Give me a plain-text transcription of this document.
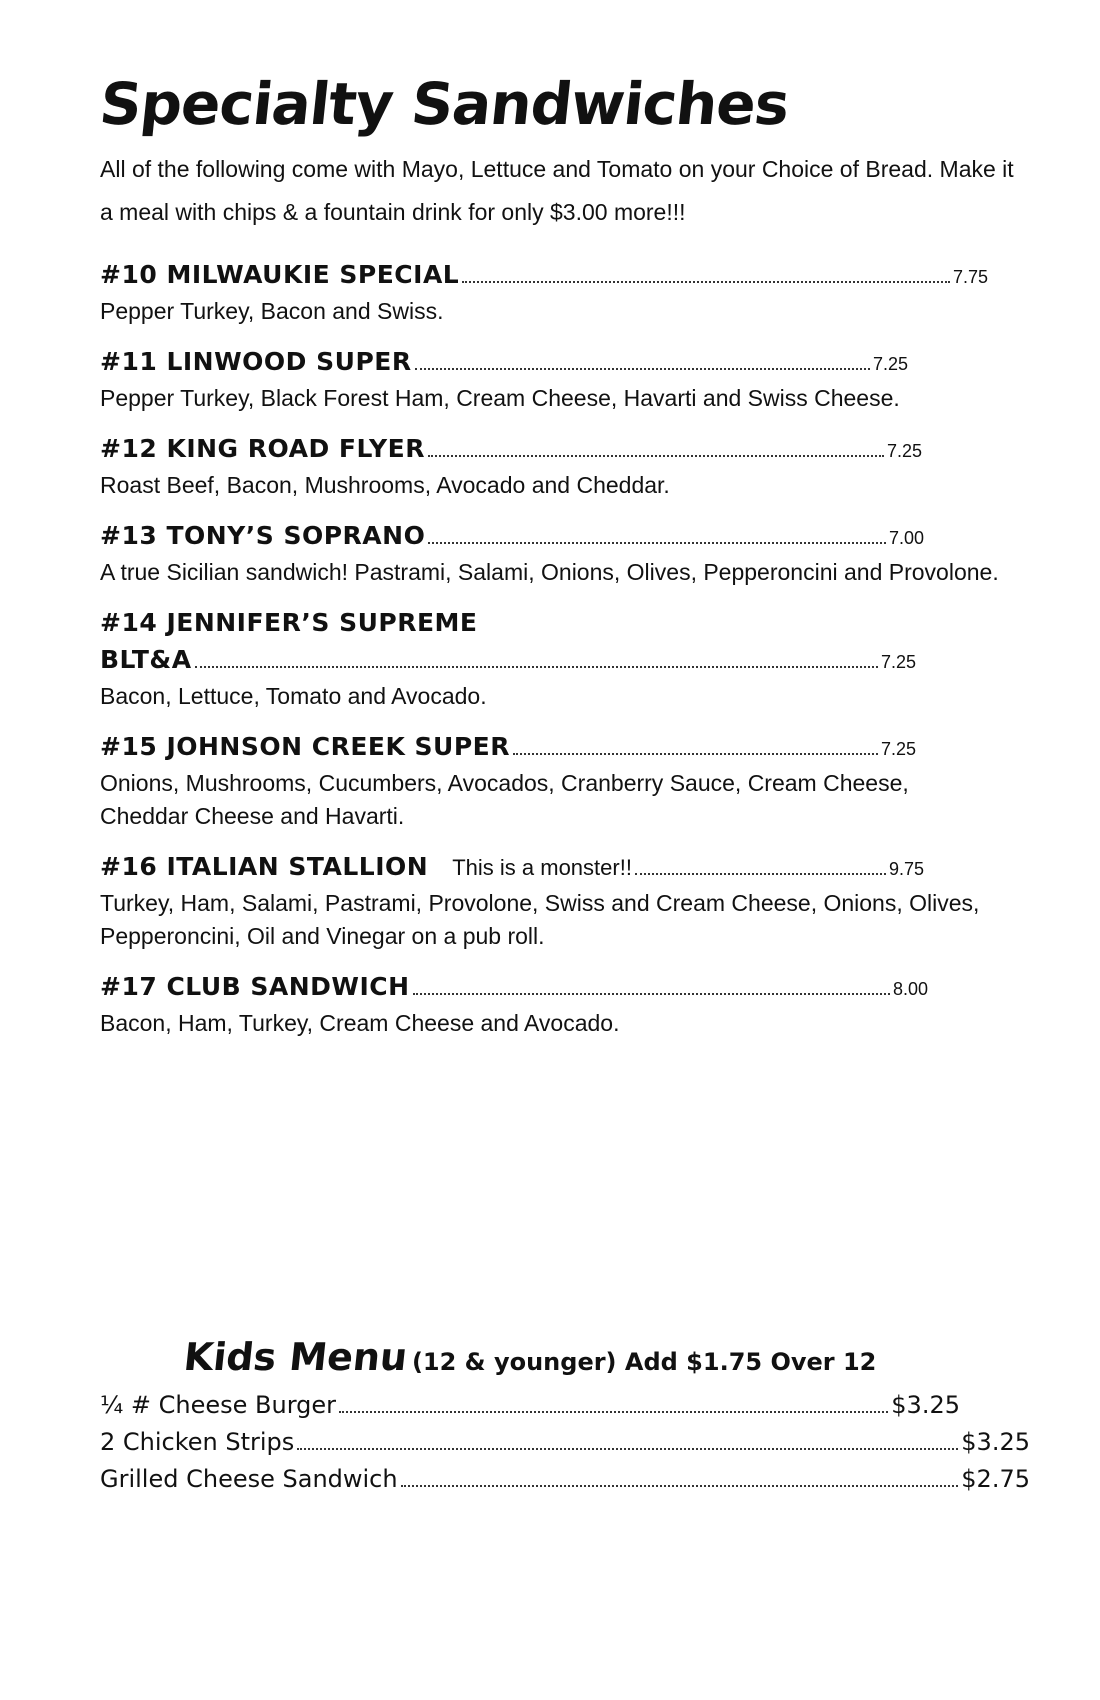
Specialty Sandwiches
All of the following come with Mayo, Lettuce and Tomato on your Choice of Bread. Make it a meal with chips & a fountain drink for only $3.00 more!!!
#10 MILWAUKIE SPECIAL	7.75
Pepper Turkey, Bacon and Swiss.
#11 LINWOOD SUPER	7.25
Pepper Turkey, Black Forest Ham, Cream Cheese, Havarti and Swiss Cheese.
#12 KING ROAD FLYER	7.25
Roast Beef, Bacon, Mushrooms, Avocado and Cheddar.
#13 TONY’S SOPRANO	7.00
A true Sicilian sandwich! Pastrami, Salami, Onions, Olives, Pepperoncini and Provolone.
#14 JENNIFER’S SUPREME
BLT&A	7.25
Bacon, Lettuce, Tomato and Avocado.
#15 JOHNSON CREEK SUPER	7.25
Onions, Mushrooms, Cucumbers, Avocados, Cranberry Sauce, Cream Cheese, Cheddar Cheese and Havarti.
#16 ITALIAN STALLION This is a monster!!	9.75
Turkey, Ham, Salami, Pastrami, Provolone, Swiss and Cream Cheese, Onions, Olives, Pepperoncini, Oil and Vinegar on a pub roll.
#17 CLUB SANDWICH	8.00
Bacon, Ham, Turkey, Cream Cheese and Avocado.
Kids Menu (12 & younger) Add $1.75 Over 12
¼ # Cheese Burger	$3.25
2 Chicken Strips	$3.25
Grilled Cheese Sandwich	$2.75
